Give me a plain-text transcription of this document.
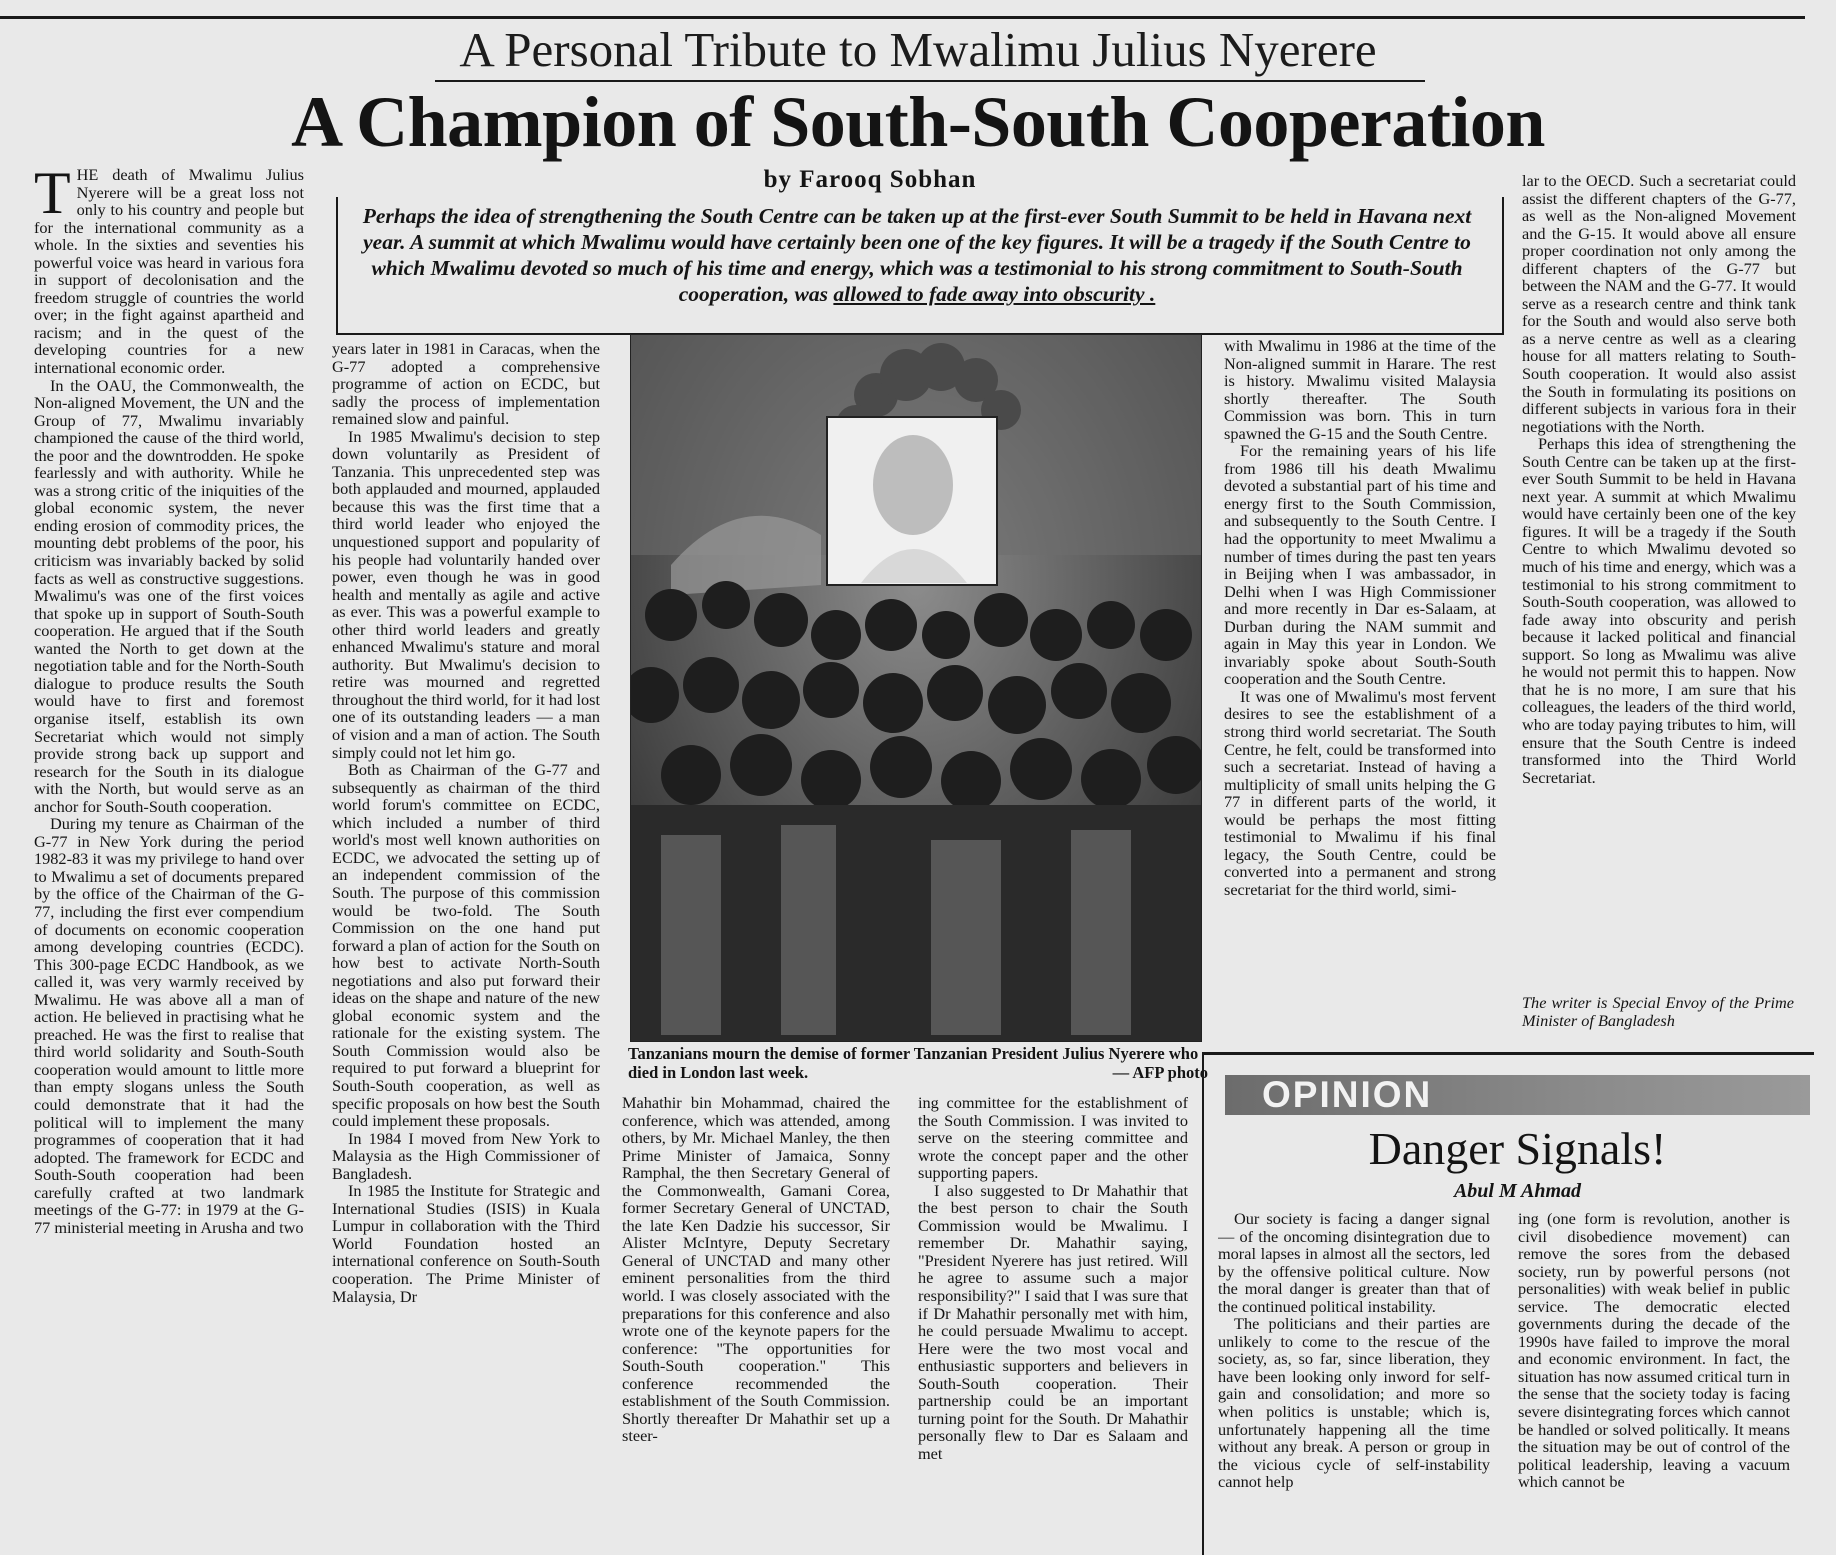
A Personal Tribute to Mwalimu Julius Nyerere
A Champion of South-South Cooperation
by Farooq Sobhan
Perhaps the idea of strengthening the South Centre can be taken up at the first-ever South Summit to be held in Havana next year. A summit at which Mwalimu would have certainly been one of the key figures. It will be a tragedy if the South Centre to which Mwalimu devoted so much of his time and energy, which was a testimonial to his strong commitment to South-South cooperation, was allowed to fade away into obscurity .

THE death of Mwalimu Julius Nyerere will be a great loss not only to his country and people but for the international community as a whole. In the sixties and seventies his powerful voice was heard in various fora in support of decolonisation and the freedom struggle of countries the world over; in the fight against apartheid and racism; and in the quest of the developing countries for a new international economic order.

In the OAU, the Commonwealth, the Non-aligned Movement, the UN and the Group of 77, Mwalimu invariably championed the cause of the third world, the poor and the downtrodden. He spoke fearlessly and with authority. While he was a strong critic of the iniquities of the global economic system, the never ending erosion of commodity prices, the mounting debt problems of the poor, his criticism was invariably backed by solid facts as well as constructive suggestions. Mwalimu's was one of the first voices that spoke up in support of South-South cooperation. He argued that if the South wanted the North to get down at the negotiation table and for the North-South dialogue to produce results the South would have to first and foremost organise itself, establish its own Secretariat which would not simply provide strong back up support and research for the South in its dialogue with the North, but would serve as an anchor for South-South cooperation.

During my tenure as Chairman of the G-77 in New York during the period 1982-83 it was my privilege to hand over to Mwalimu a set of documents prepared by the office of the Chairman of the G-77, including the first ever compendium of documents on economic cooperation among developing countries (ECDC). This 300-page ECDC Handbook, as we called it, was very warmly received by Mwalimu. He was above all a man of action. He believed in practising what he preached. He was the first to realise that third world solidarity and South-South cooperation would amount to little more than empty slogans unless the South could demonstrate that it had the political will to implement the many programmes of cooperation that it had adopted. The framework for ECDC and South-South cooperation had been carefully crafted at two landmark meetings of the G-77: in 1979 at the G-77 ministerial meeting in Arusha and two

years later in 1981 in Caracas, when the G-77 adopted a comprehensive programme of action on ECDC, but sadly the process of implementation remained slow and painful.

In 1985 Mwalimu's decision to step down voluntarily as President of Tanzania. This unprecedented step was both applauded and mourned, applauded because this was the first time that a third world leader who enjoyed the unquestioned support and popularity of his people had voluntarily handed over power, even though he was in good health and mentally as agile and active as ever. This was a powerful example to other third world leaders and greatly enhanced Mwalimu's stature and moral authority. But Mwalimu's decision to retire was mourned and regretted throughout the third world, for it had lost one of its outstanding leaders — a man of vision and a man of action. The South simply could not let him go.

Both as Chairman of the G-77 and subsequently as chairman of the third world forum's committee on ECDC, which included a number of third world's most well known authorities on ECDC, we advocated the setting up of an independent commission of the South. The purpose of this commission would be two-fold. The South Commission on the one hand put forward a plan of action for the South on how best to activate North-South negotiations and also put forward their ideas on the shape and nature of the new global economic system and the rationale for the existing system. The South Commission would also be required to put forward a blueprint for South-South cooperation, as well as specific proposals on how best the South could implement these proposals.

In 1984 I moved from New York to Malaysia as the High Commissioner of Bangladesh.

In 1985 the Institute for Strategic and International Studies (ISIS) in Kuala Lumpur in collaboration with the Third World Foundation hosted an international conference on South-South cooperation. The Prime Minister of Malaysia, Dr

Tanzanians mourn the demise of former Tanzanian President Julius Nyerere who died in London last week.	— AFP photo

Mahathir bin Mohammad, chaired the conference, which was attended, among others, by Mr. Michael Manley, the then Prime Minister of Jamaica, Sonny Ramphal, the then Secretary General of the Commonwealth, Gamani Corea, former Secretary General of UNCTAD, the late Ken Dadzie his successor, Sir Alister McIntyre, Deputy Secretary General of UNCTAD and many other eminent personalities from the third world. I was closely associated with the preparations for this conference and also wrote one of the keynote papers for the conference: "The opportunities for South-South cooperation." This conference recommended the establishment of the South Commission. Shortly thereafter Dr Mahathir set up a steer-

ing committee for the establishment of the South Commission. I was invited to serve on the steering committee and wrote the concept paper and the other supporting papers.

I also suggested to Dr Mahathir that the best person to chair the South Commission would be Mwalimu. I remember Dr. Mahathir saying, "President Nyerere has just retired. Will he agree to assume such a major responsibility?" I said that I was sure that if Dr Mahathir personally met with him, he could persuade Mwalimu to accept. Here were the two most vocal and enthusiastic supporters and believers in South-South cooperation. Their partnership could be an important turning point for the South. Dr Mahathir personally flew to Dar es Salaam and met

with Mwalimu in 1986 at the time of the Non-aligned summit in Harare. The rest is history. Mwalimu visited Malaysia shortly thereafter. The South Commission was born. This in turn spawned the G-15 and the South Centre.

For the remaining years of his life from 1986 till his death Mwalimu devoted a substantial part of his time and energy first to the South Commission, and subsequently to the South Centre. I had the opportunity to meet Mwalimu a number of times during the past ten years in Beijing when I was ambassador, in Delhi when I was High Commissioner and more recently in Dar es-Salaam, at Durban during the NAM summit and again in May this year in London. We invariably spoke about South-South cooperation and the South Centre.

It was one of Mwalimu's most fervent desires to see the establishment of a strong third world secretariat. The South Centre, he felt, could be transformed into such a secretariat. Instead of having a multiplicity of small units helping the G 77 in different parts of the world, it would be perhaps the most fitting testimonial to Mwalimu if his final legacy, the South Centre, could be converted into a permanent and strong secretariat for the third world, simi-

lar to the OECD. Such a secretariat could assist the different chapters of the G-77, as well as the Non-aligned Movement and the G-15. It would above all ensure proper coordination not only among the different chapters of the G-77 but between the NAM and the G-77. It would serve as a research centre and think tank for the South and would also serve both as a nerve centre as well as a clearing house for all matters relating to South-South cooperation. It would also assist the South in formulating its positions on different subjects in various fora in their negotiations with the North.

Perhaps this idea of strengthening the South Centre can be taken up at the first-ever South Summit to be held in Havana next year. A summit at which Mwalimu would have certainly been one of the key figures. It will be a tragedy if the South Centre to which Mwalimu devoted so much of his time and energy, which was a testimonial to his strong commitment to South-South cooperation, was allowed to fade away into obscurity and perish because it lacked political and financial support. So long as Mwalimu was alive he would not permit this to happen. Now that he is no more, I am sure that his colleagues, the leaders of the third world, who are today paying tributes to him, will ensure that the South Centre is indeed transformed into the Third World Secretariat.

The writer is Special Envoy of the Prime Minister of Bangladesh
OPINION
Danger Signals!
Abul M Ahmad

Our society is facing a danger signal — of the oncoming disintegration due to moral lapses in almost all the sectors, led by the offensive political culture. Now the moral danger is greater than that of the continued political instability.

The politicians and their parties are unlikely to come to the rescue of the society, as, so far, since liberation, they have been looking only inword for self-gain and consolidation; and more so when politics is unstable; which is, unfortunately happening all the time without any break. A person or group in the vicious cycle of self-instability cannot help

ing (one form is revolution, another is civil disobedience movement) can remove the sores from the debased society, run by powerful persons (not personalities) with weak belief in public service. The democratic elected governments during the decade of the 1990s have failed to improve the moral and economic environment. In fact, the situation has now assumed critical turn in the sense that the society today is facing severe disintegrating forces which cannot be handled or solved politically. It means the situation may be out of control of the political leadership, leaving a vacuum which cannot be
